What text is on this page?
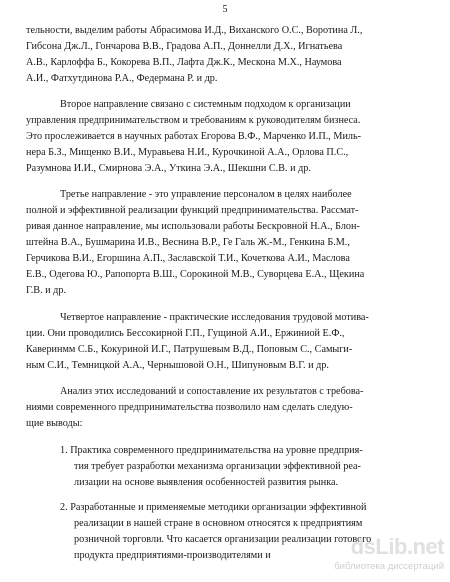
5
тельности, выделим работы Абрасимова И.Д., Виханского О.С., Воротина Л.,
Гибсона Дж.Л., Гончарова В.В., Градова А.П., Доннелли Д.Х., Игнатьева
А.В., Карлоффа Б., Кокорева В.П., Лафта Дж.К., Мескона М.Х., Наумова
А.И., Фатхутдинова Р.А., Федермана Р. и др.
Второе направление связано с системным подходом к организации
управления предпринимательством и требованиям к руководителям бизнеса.
Это прослеживается в научных работах Егорова В.Ф., Марченко И.П., Миль-
нера Б.З., Мищенко В.И., Муравьева Н.И., Курочкиной А.А., Орлова П.С.,
Разумнова И.И., Смирнова Э.А., Уткина Э.А., Шекшни С.В. и др.
Третье направление - это управление персоналом в целях наиболее
полной и эффективной реализации функций предпринимательства. Рассмат-
ривая данное направление, мы использовали работы Бескровной Н.А., Блон-
штейна В.А., Бушмарина И.В., Веснина В.Р., Ге Галь Ж.-М., Генкина Б.М.,
Герчикова В.И., Егоршина А.П., Заславской Т.И., Кочеткова А.И., Маслова
Е.В., Одегова Ю., Рапопорта В.Ш., Сорокиной М.В., Суворцева Е.А., Щекина
Г.В. и др.
Четвертое направление - практические исследования трудовой мотива-
ции. Они проводились Бессокирной Г.П., Гущиной А.И., Ержиниой Е.Ф.,
Каверинмм С.Б., Кокуриной И.Г., Патрушевым В.Д., Поповым С., Самыги-
ным С.И., Темницкой А.А., Чернышовой О.Н., Шипуновым В.Г. и др.
Анализ этих исследований и сопоставление их результатов с требова-
ниями современного предпринимательства позволило нам сделать следую-
щие выводы:
1. Практика современного предпринимательства на уровне предприя-
тия требует разработки механизма организации эффективной реа-
лизации на основе выявления особенностей развития рынка.
2. Разработанные и применяемые методики организации эффективной
реализации в нашей стране в основном относятся к предприятиям
розничной торговли. Что касается организации реализации готового
продукта предприятиями-производителями и	dsLib.net
библиотека диссертаций
